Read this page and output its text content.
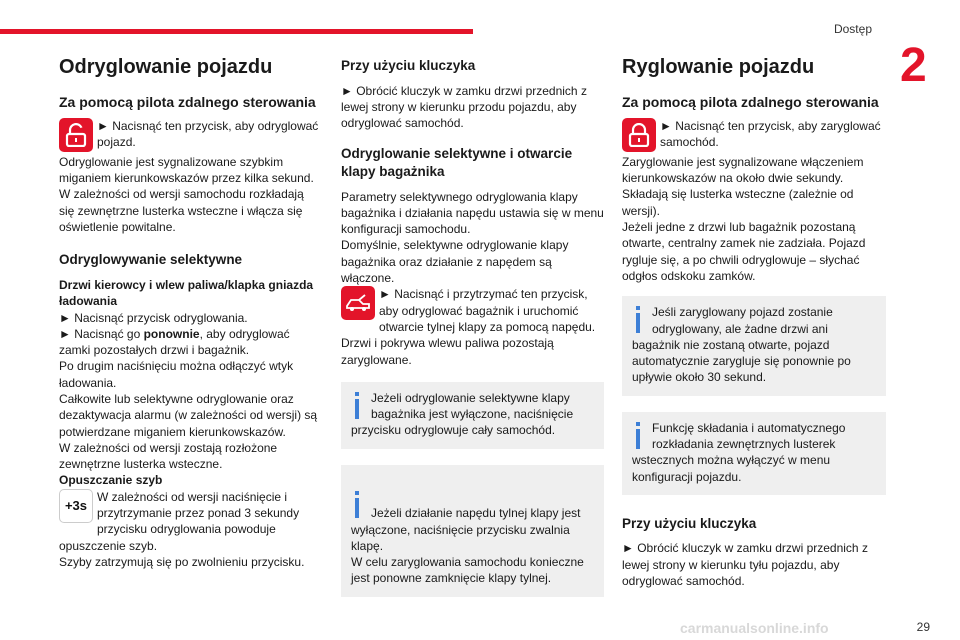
Dostęp
2
Odryglowanie pojazdu
Za pomocą pilota zdalnego sterowania

► Nacisnąć ten przycisk, aby odryglować pojazd.

Odryglowanie jest sygnalizowane szybkim miganiem kierunkowskazów przez kilka sekund.
W zależności od wersji samochodu rozkładają się zewnętrzne lusterka wsteczne i włącza się oświetlenie powitalne.

Odryglowywanie selektywne

Drzwi kierowcy i wlew paliwa/klapka gniazda ładowania

► Nacisnąć przycisk odryglowania.

► Nacisnąć go ponownie, aby odryglować zamki pozostałych drzwi i bagażnik.

Po drugim naciśnięciu można odłączyć wtyk ładowania.
Całkowite lub selektywne odryglowanie oraz dezaktywacja alarmu (w zależności od wersji) są potwierdzane miganiem kierunkowskazów.
W zależności od wersji zostają rozłożone zewnętrzne lusterka wsteczne.

Opuszczanie szyb

+3s

W zależności od wersji naciśnięcie i przytrzymanie przez ponad 3 sekundy przycisku odryglowania powoduje opuszczenie szyb.

Szyby zatrzymują się po zwolnieniu przycisku.

Przy użyciu kluczyka

► Obrócić kluczyk w zamku drzwi przednich z lewej strony w kierunku przodu pojazdu, aby odryglować samochód.

Odryglowanie selektywne i otwarcie klapy bagażnika

Parametry selektywnego odryglowania klapy bagażnika i działania napędu ustawia się w menu konfiguracji samochodu.
Domyślnie, selektywne odryglowanie klapy bagażnika oraz działanie z napędem są włączone.

► Nacisnąć i przytrzymać ten przycisk, aby odryglować bagażnik i uruchomić otwarcie tylnej klapy za pomocą napędu.

Drzwi i pokrywa wlewu paliwa pozostają zaryglowane.

Jeżeli odryglowanie selektywne klapy bagażnika jest wyłączone, naciśnięcie przycisku odryglowuje cały samochód.

Jeżeli działanie napędu tylnej klapy jest wyłączone, naciśnięcie przycisku zwalnia klapę.
W celu zaryglowania samochodu konieczne jest ponowne zamknięcie klapy tylnej.

Ryglowanie pojazdu
Za pomocą pilota zdalnego sterowania

► Nacisnąć ten przycisk, aby zaryglować samochód.

Zaryglowanie jest sygnalizowane włączeniem kierunkowskazów na około dwie sekundy.
Składają się lusterka wsteczne (zależnie od wersji).
Jeżeli jedne z drzwi lub bagażnik pozostaną otwarte, centralny zamek nie zadziała. Pojazd rygluje się, a po chwili odryglowuje – słychać odgłos odskoku zamków.

Jeśli zaryglowany pojazd zostanie odryglowany, ale żadne drzwi ani bagażnik nie zostaną otwarte, pojazd automatycznie zarygluje się ponownie po upływie około 30 sekund.
Funkcję składania i automatycznego rozkładania zewnętrznych lusterek wstecznych można wyłączyć w menu konfiguracji pojazdu.
Przy użyciu kluczyka

► Obrócić kluczyk w zamku drzwi przednich z lewej strony w kierunku tyłu pojazdu, aby odryglować samochód.

carmanualsonline.info	29
